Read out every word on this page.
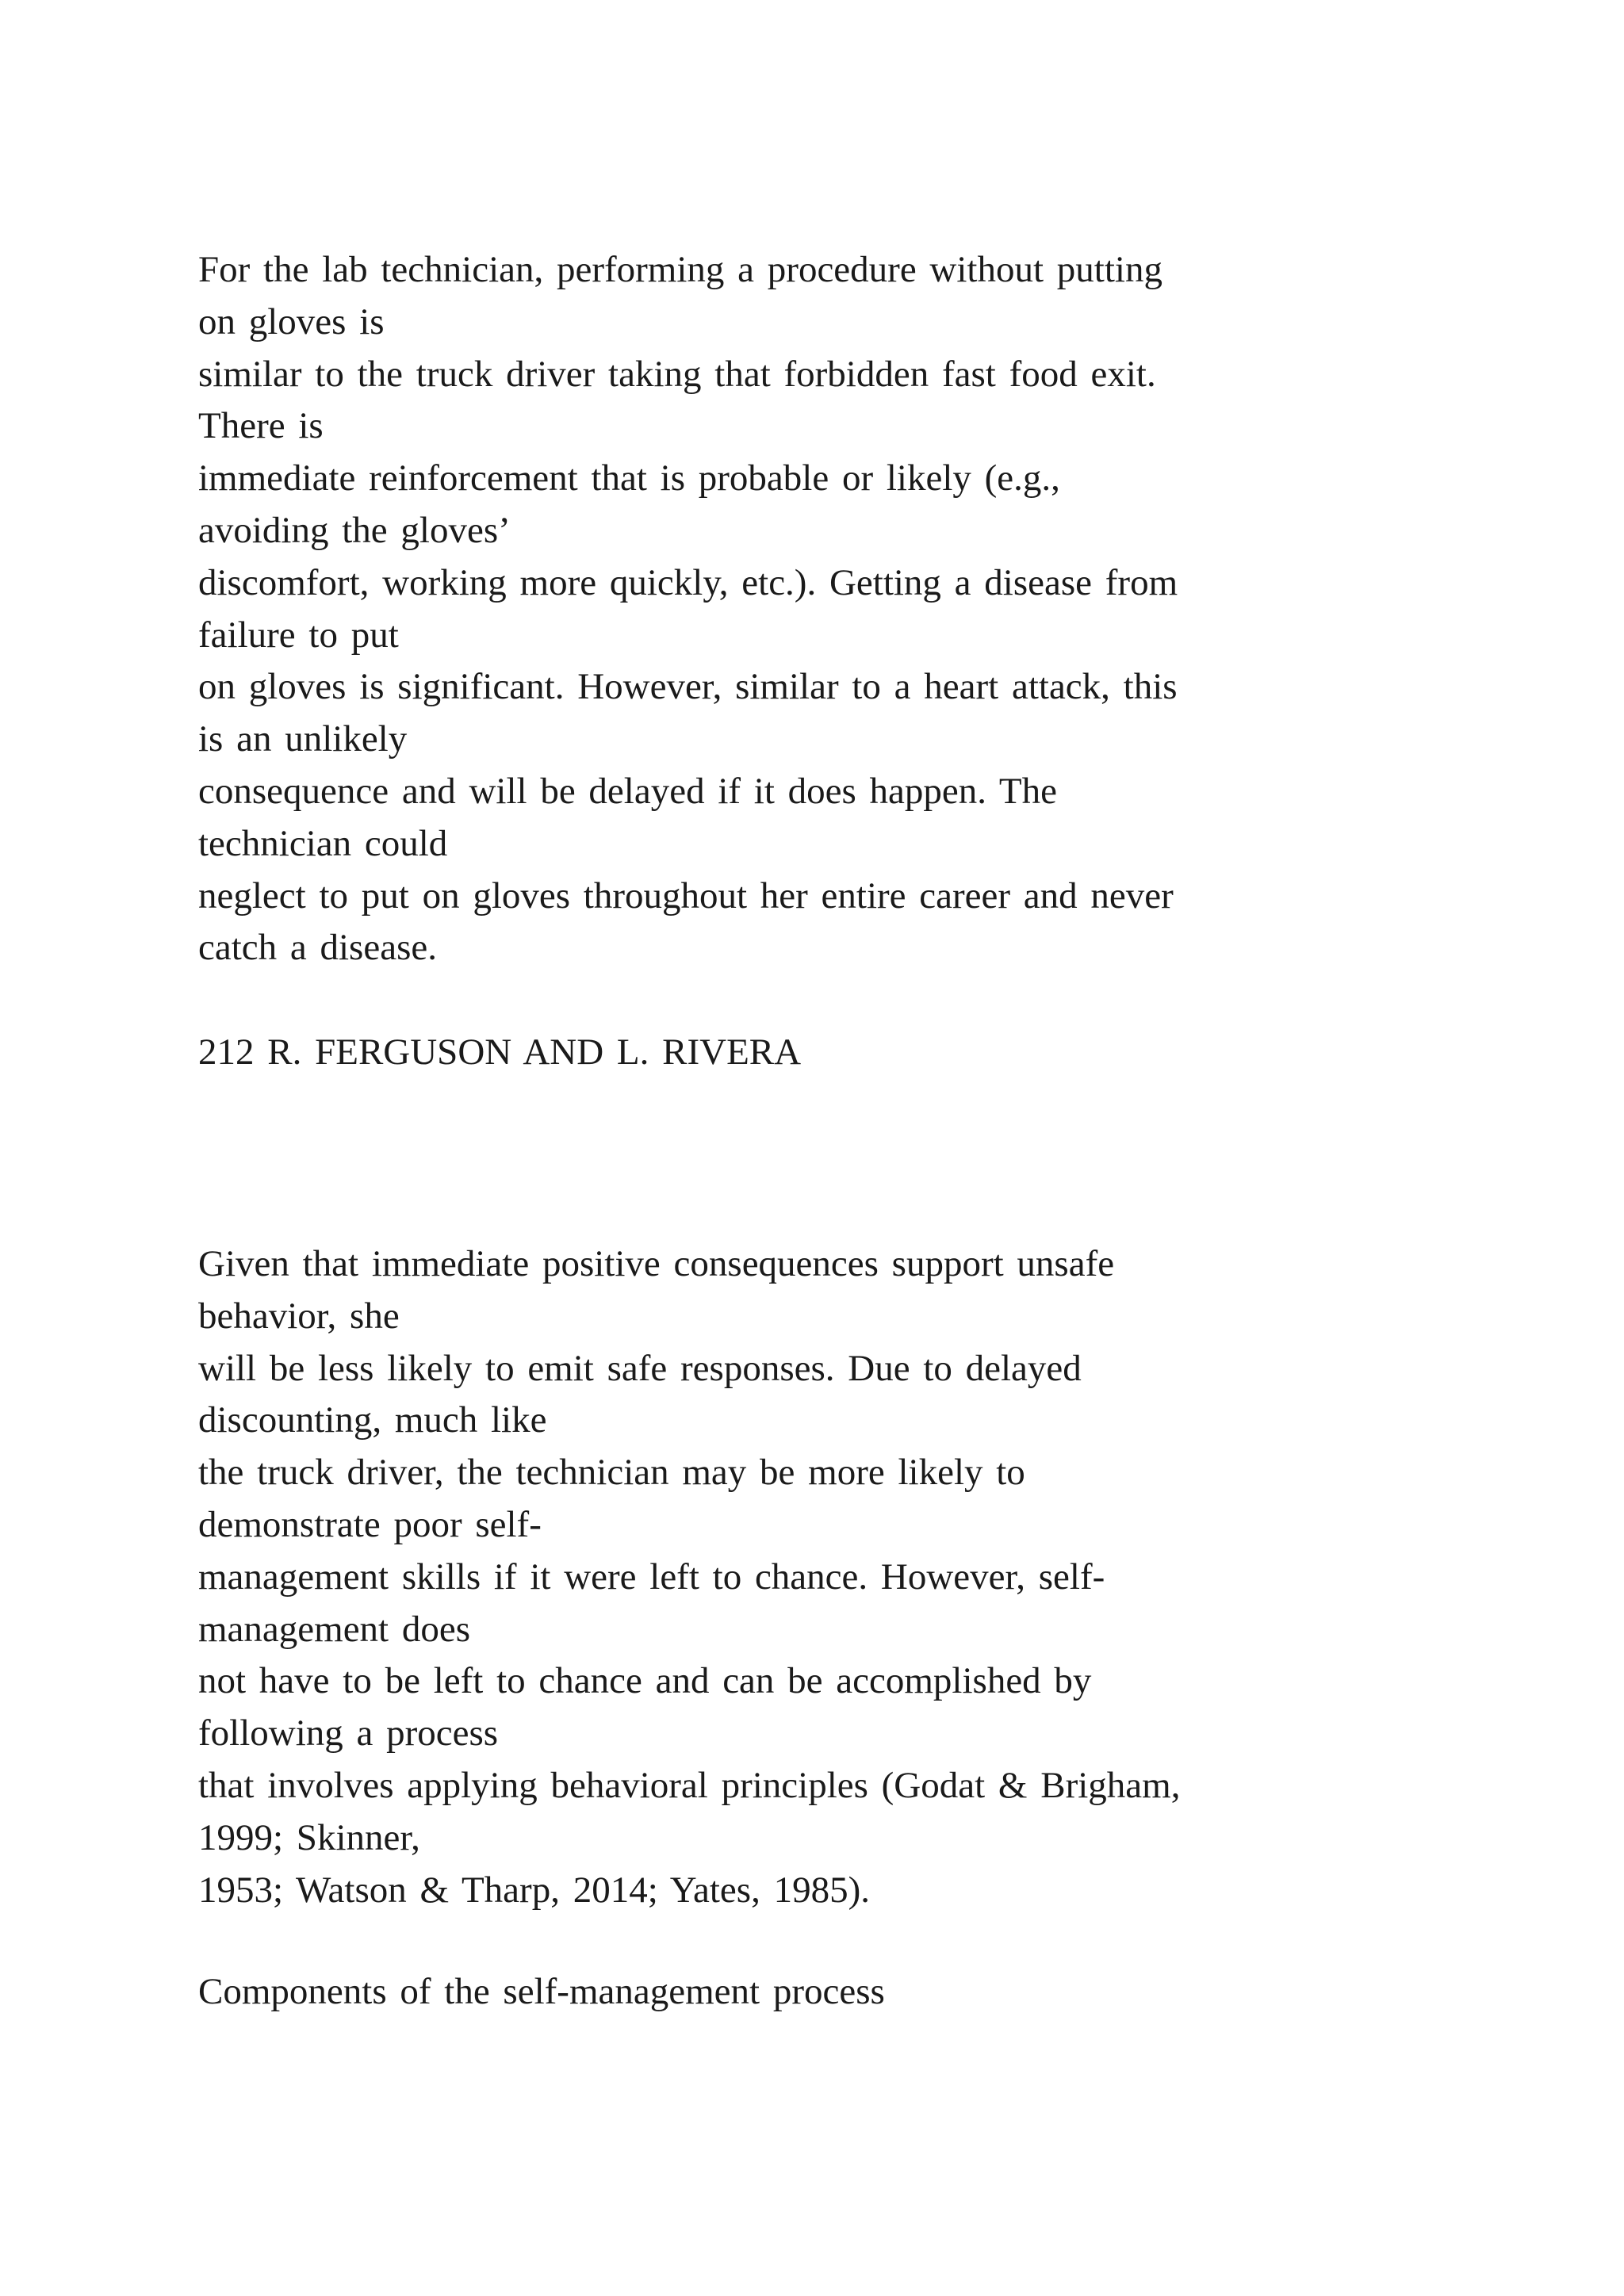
For the lab technician, performing a procedure without putting
on gloves is
similar to the truck driver taking that forbidden fast food exit.
There is
immediate reinforcement that is probable or likely (e.g.,
avoiding the gloves’
discomfort, working more quickly, etc.). Getting a disease from
failure to put
on gloves is significant. However, similar to a heart attack, this
is an unlikely
consequence and will be delayed if it does happen. The
technician could
neglect to put on gloves throughout her entire career and never
catch a disease.
212 R. FERGUSON AND L. RIVERA
Given that immediate positive consequences support unsafe
behavior, she
will be less likely to emit safe responses. Due to delayed
discounting, much like
the truck driver, the technician may be more likely to
demonstrate poor self-
management skills if it were left to chance. However, self-
management does
not have to be left to chance and can be accomplished by
following a process
that involves applying behavioral principles (Godat & Brigham,
1999; Skinner,
1953; Watson & Tharp, 2014; Yates, 1985).
Components of the self-management process
